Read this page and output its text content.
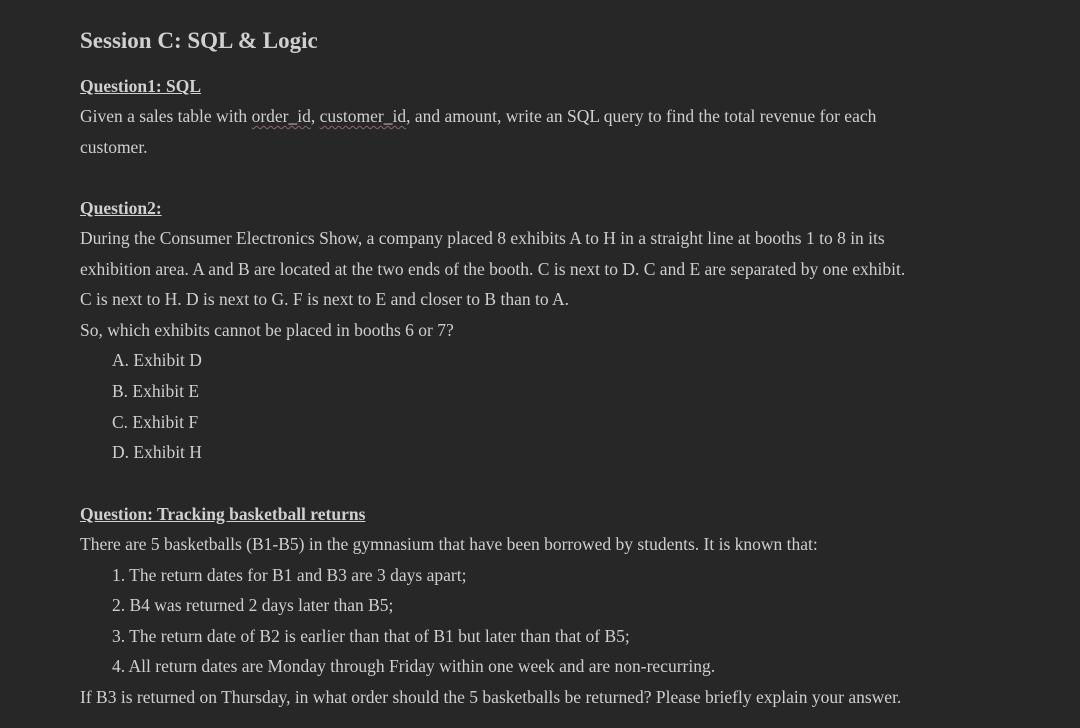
Session C: SQL & Logic
Question1: SQL
Given a sales table with order_id, customer_id, and amount, write an SQL query to find the total revenue for each
customer.
Question2:
During the Consumer Electronics Show, a company placed 8 exhibits A to H in a straight line at booths 1 to 8 in its
exhibition area. A and B are located at the two ends of the booth. C is next to D. C and E are separated by one exhibit.
C is next to H. D is next to G. F is next to E and closer to B than to A.
So, which exhibits cannot be placed in booths 6 or 7?
A. Exhibit D
B. Exhibit E
C. Exhibit F
D. Exhibit H
Question: Tracking basketball returns
There are 5 basketballs (B1-B5) in the gymnasium that have been borrowed by students. It is known that:
1. The return dates for B1 and B3 are 3 days apart;
2. B4 was returned 2 days later than B5;
3. The return date of B2 is earlier than that of B1 but later than that of B5;
4. All return dates are Monday through Friday within one week and are non-recurring.
If B3 is returned on Thursday, in what order should the 5 basketballs be returned? Please briefly explain your answer.
